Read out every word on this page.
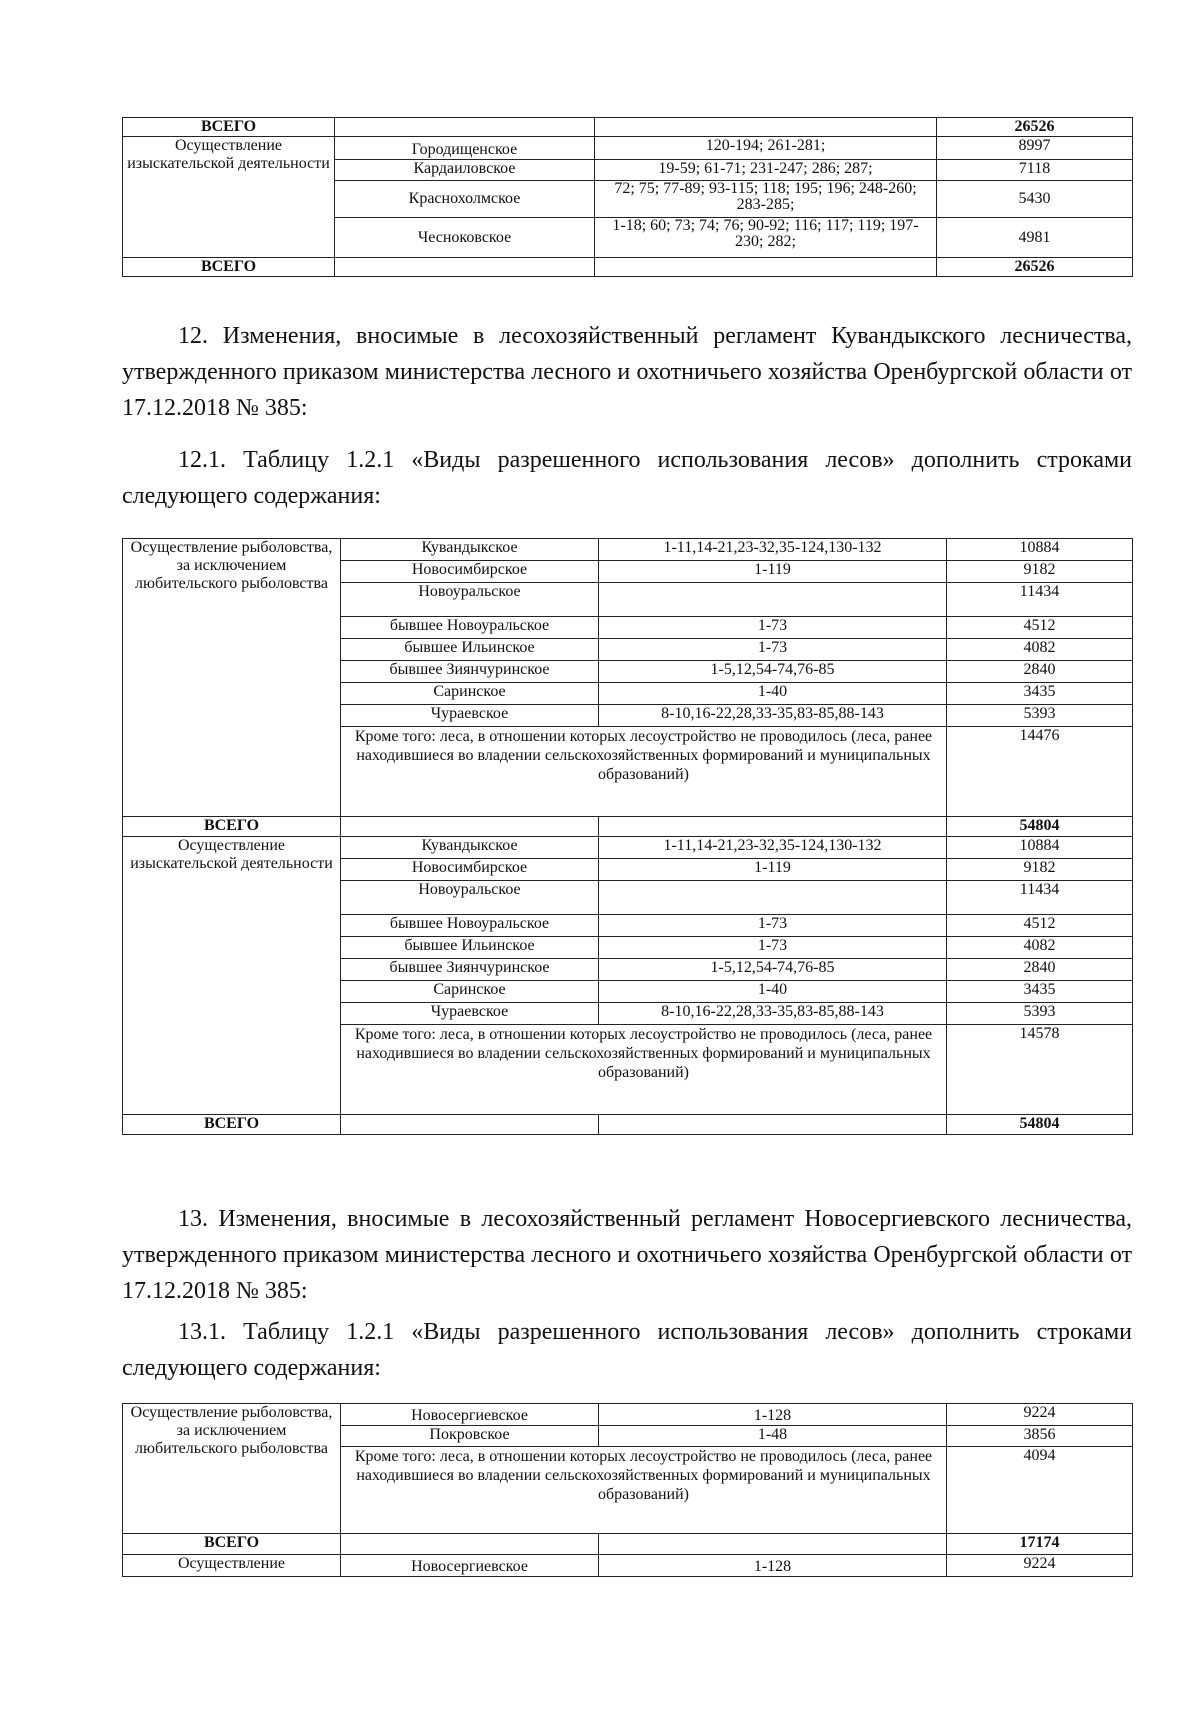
ВСЕГО			26526
Осуществление изыскательской деятельности	Городищенское	120-194; 261-281;	8997
	Кардаиловское	19-59; 61-71; 231-247; 286; 287;	7118
	Краснохолмское	72; 75; 77-89; 93-115; 118; 195; 196; 248-260; 283-285;	5430
	Чесноковское	1-18; 60; 73; 74; 76; 90-92; 116; 117; 119; 197-230; 282;	4981
ВСЕГО			26526

12. Изменения, вносимые в лесохозяйственный регламент Кувандыкского лесничества, утвержденного приказом министерства лесного и охотничьего хозяйства Оренбургской области от 17.12.2018 № 385:

12.1. Таблицу 1.2.1 «Виды разрешенного использования лесов» дополнить строками следующего содержания:

Осуществление рыболовства, за исключением любительского рыболовства	Кувандыкское	1-11,14-21,23-32,35-124,130-132	10884
	Новосимбирское	1-119	9182
	Новоуральское		11434
	бывшее Новоуральское	1-73	4512
	бывшее Ильинское	1-73	4082
	бывшее Зиянчуринское	1-5,12,54-74,76-85	2840
	Саринское	1-40	3435
	Чураевское	8-10,16-22,28,33-35,83-85,88-143	5393
	Кроме того: леса, в отношении которых лесоустройство не проводилось (леса, ранее находившиеся во владении сельскохозяйственных формирований и муниципальных образований)		14476
ВСЕГО			54804
Осуществление изыскательской деятельности	Кувандыкское	1-11,14-21,23-32,35-124,130-132	10884
	Новосимбирское	1-119	9182
	Новоуральское		11434
	бывшее Новоуральское	1-73	4512
	бывшее Ильинское	1-73	4082
	бывшее Зиянчуринское	1-5,12,54-74,76-85	2840
	Саринское	1-40	3435
	Чураевское	8-10,16-22,28,33-35,83-85,88-143	5393
	Кроме того: леса, в отношении которых лесоустройство не проводилось (леса, ранее находившиеся во владении сельскохозяйственных формирований и муниципальных образований)		14578
ВСЕГО			54804

13. Изменения, вносимые в лесохозяйственный регламент Новосергиевского лесничества, утвержденного приказом министерства лесного и охотничьего хозяйства Оренбургской области от 17.12.2018 № 385:

13.1. Таблицу 1.2.1 «Виды разрешенного использования лесов» дополнить строками следующего содержания:

Осуществление рыболовства, за исключением любительского рыболовства	Новосергиевское	1-128	9224
	Покровское	1-48	3856
	Кроме того: леса, в отношении которых лесоустройство не проводилось (леса, ранее находившиеся во владении сельскохозяйственных формирований и муниципальных образований)		4094
ВСЕГО			17174
Осуществление	Новосергиевское	1-128	9224
